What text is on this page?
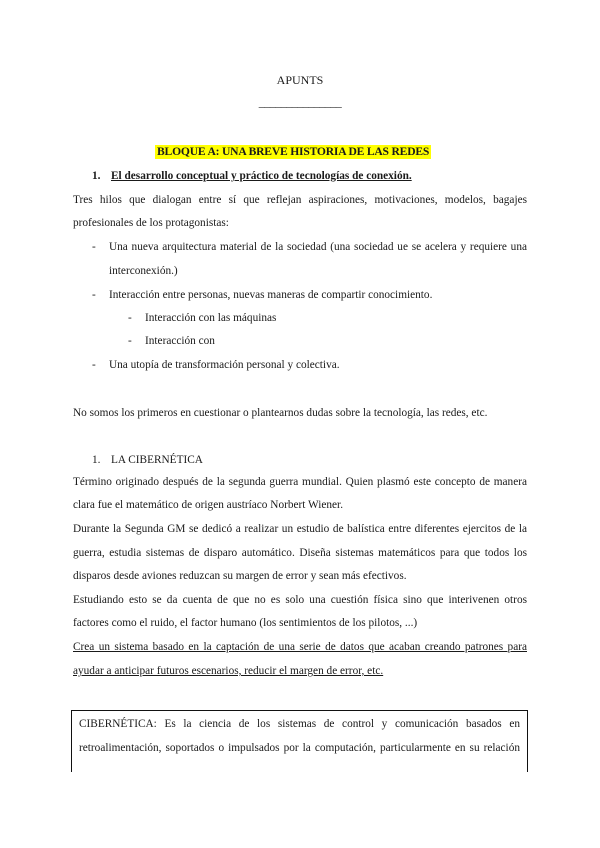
APUNTS
_______________
BLOQUE A: UNA BREVE HISTORIA DE LAS REDES
1. El desarrollo conceptual y práctico de tecnologías de conexión.
Tres hilos que dialogan entre sí que reflejan aspiraciones, motivaciones, modelos, bagajes
profesionales de los protagonistas:
- Una nueva arquitectura material de la sociedad (una sociedad ue se acelera y requiere una
interconexión.)
- Interacción entre personas, nuevas maneras de compartir conocimiento.
- Interacción con las máquinas
- Interacción con
- Una utopía de transformación personal y colectiva.
No somos los primeros en cuestionar o plantearnos dudas sobre la tecnología, las redes, etc.
1. LA CIBERNÉTICA
Término originado después de la segunda guerra mundial. Quien plasmó este concepto de manera
clara fue el matemático de origen austríaco Norbert Wiener.
Durante la Segunda GM se dedicó a realizar un estudio de balística entre diferentes ejercitos de la
guerra, estudia sistemas de disparo automático. Diseña sistemas matemáticos para que todos los
disparos desde aviones reduzcan su margen de error y sean más efectivos.
Estudiando esto se da cuenta de que no es solo una cuestión física sino que interivenen otros
factores como el ruido, el factor humano (los sentimientos de los pilotos, ...)
Crea un sistema basado en la captación de una serie de datos que acaban creando patrones para
ayudar a anticipar futuros escenarios, reducir el margen de error, etc.
CIBERNÉTICA: Es la ciencia de los sistemas de control y comunicación basados en
retroalimentación, soportados o impulsados por la computación, particularmente en su relación
